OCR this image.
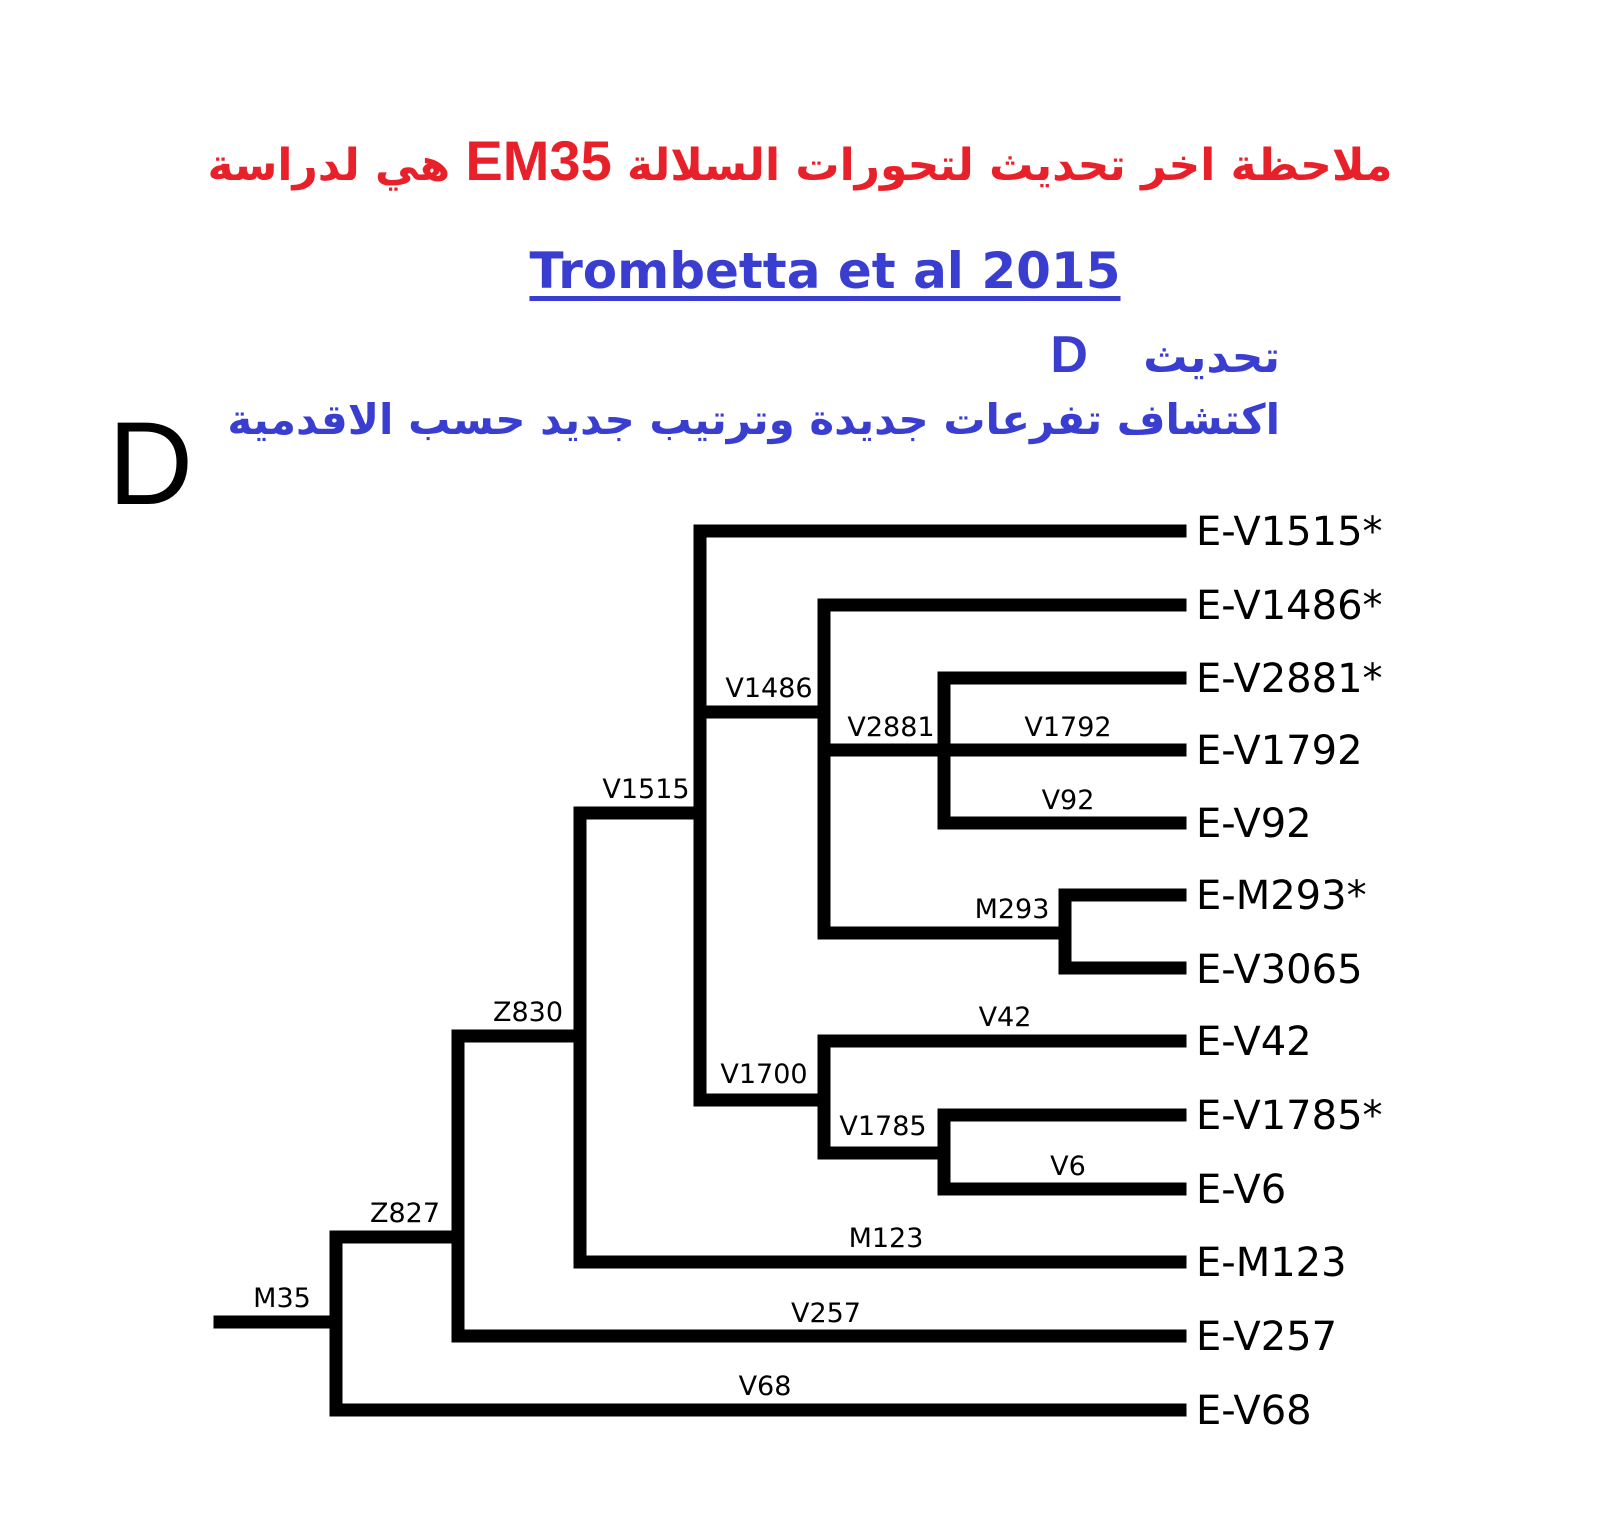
ملاحظة اخر تحديث لتحورات السلالة EM35 هي لدراسة
Trombetta et al 2015
تحديث D
اكتشاف تفرعات جديدة وترتيب جديد حسب الاقدمية
D
M35
Z827
Z830
V1515
V1486
V2881	V1792
V92
M293
V1700
V42
V1785
V6
M123
V257
V68
E-V1515*
E-V1486*
E-V2881*
E-V1792
E-V92
E-M293*
E-V3065
E-V42
E-V1785*
E-V6
E-M123
E-V257
E-V68
